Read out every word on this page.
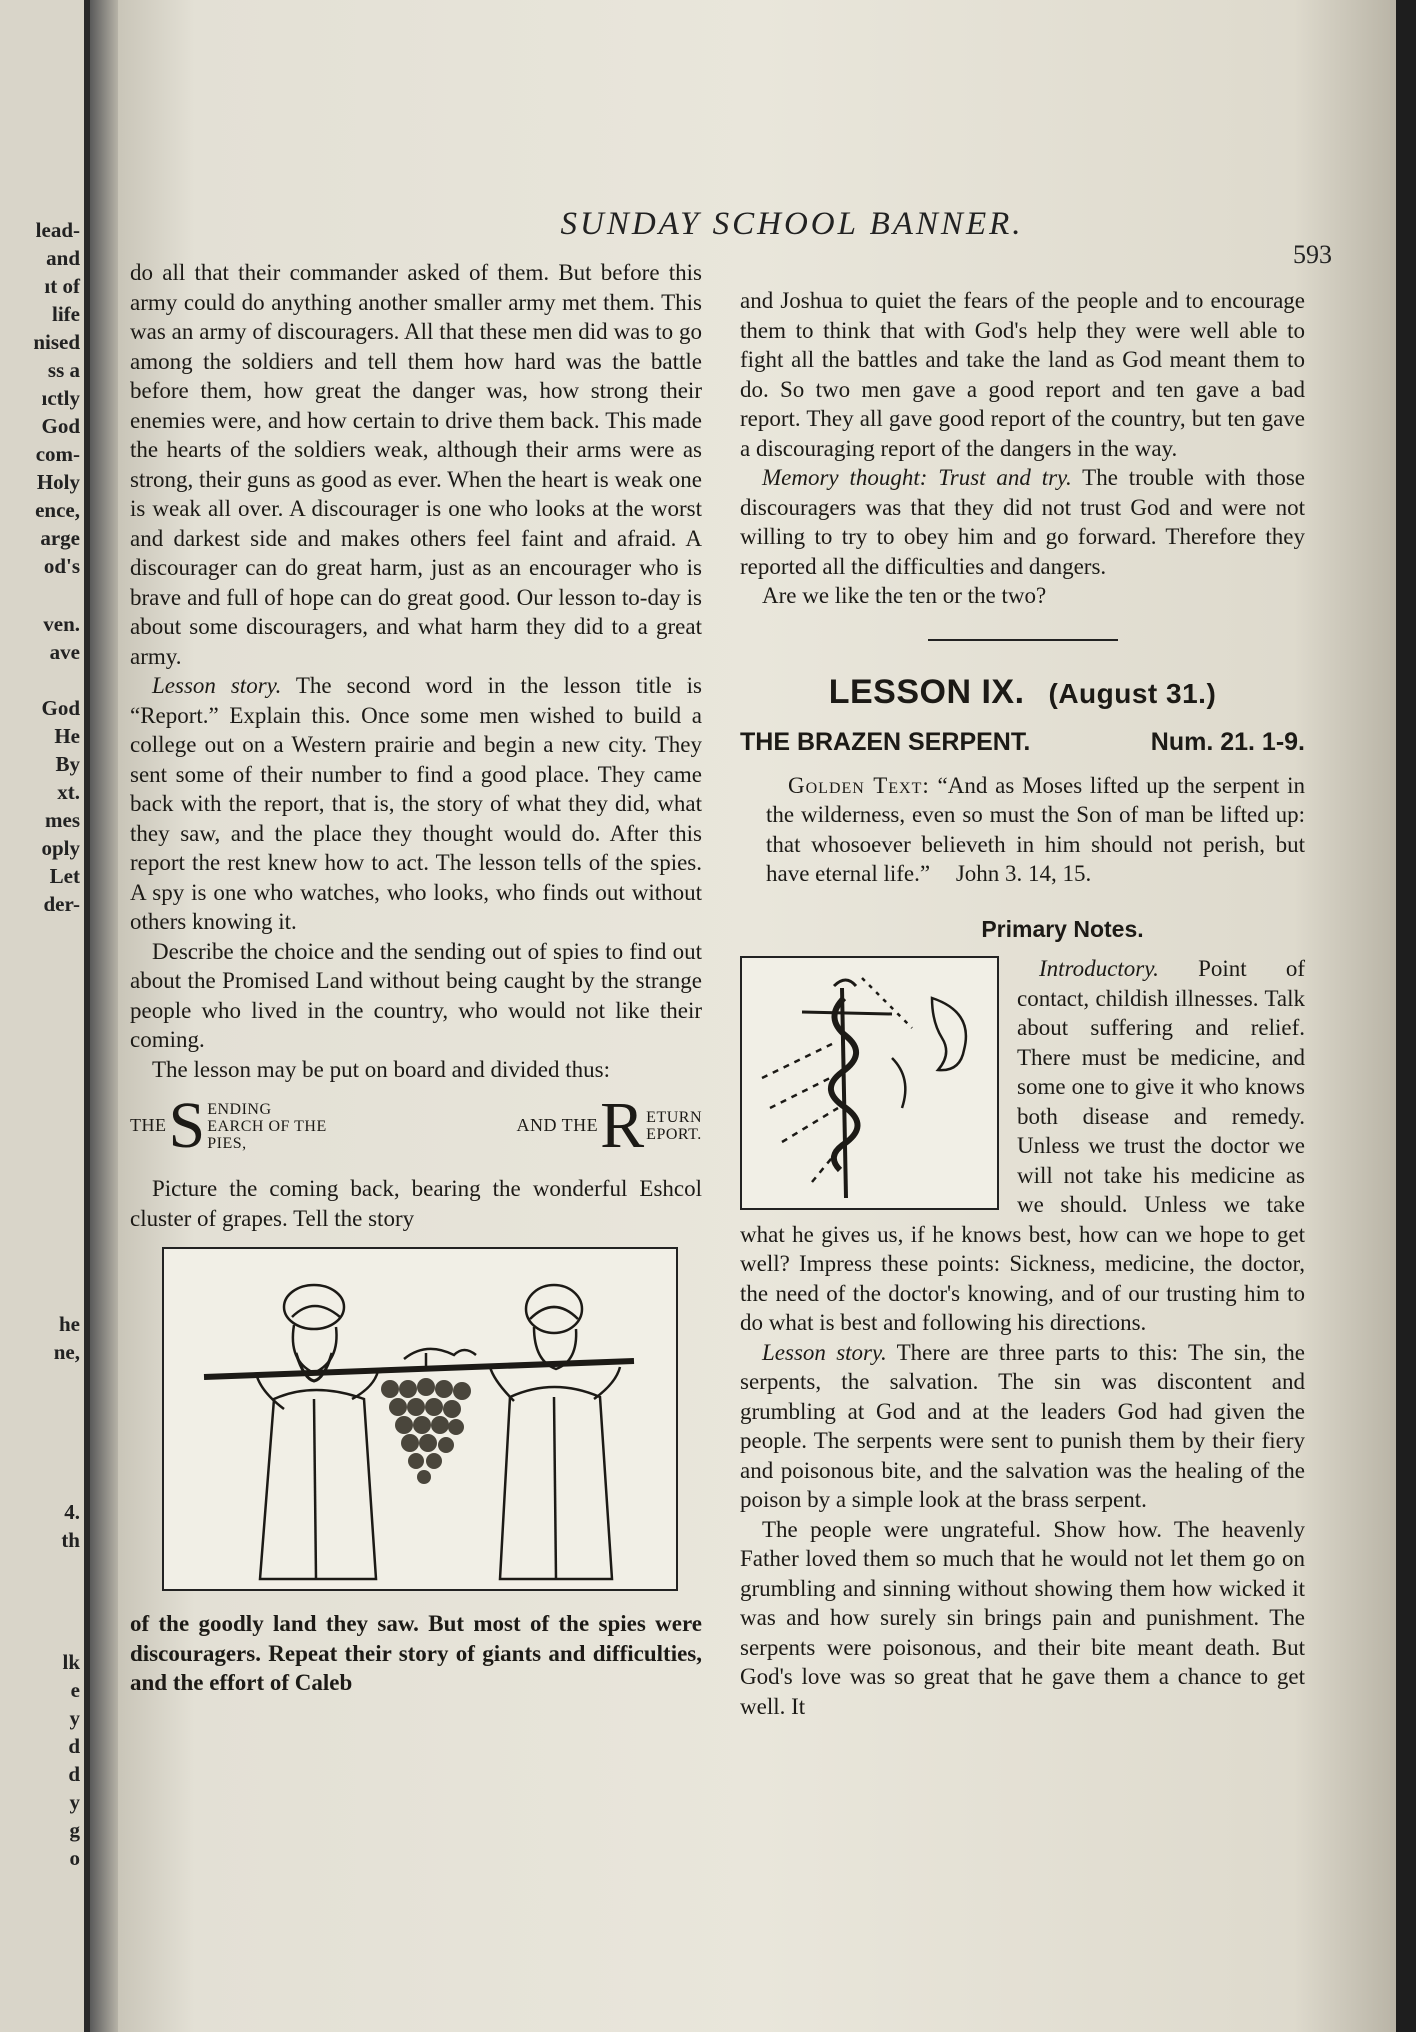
lead-
and
ıt of
life
nised
ss a
ıctly
God
com-
Holy
ence,
arge
od's
ven.
ave
God
He
By
xt.
mes
oply
Let
der-
he
ne,
4.
th
lk
e
y
d
d
y
g
o
SUNDAY SCHOOL BANNER.
593

do all that their commander asked of them. But before this army could do anything another smaller army met them. This was an army of discouragers. All that these men did was to go among the soldiers and tell them how hard was the battle before them, how great the danger was, how strong their enemies were, and how certain to drive them back. This made the hearts of the soldiers weak, although their arms were as strong, their guns as good as ever. When the heart is weak one is weak all over. A discourager is one who looks at the worst and darkest side and makes others feel faint and afraid. A discourager can do great harm, just as an encourager who is brave and full of hope can do great good. Our lesson to-day is about some discouragers, and what harm they did to a great army.

Lesson story. The second word in the lesson title is “Report.” Explain this. Once some men wished to build a college out on a Western prairie and begin a new city. They sent some of their number to find a good place. They came back with the report, that is, the story of what they did, what they saw, and the place they thought would do. After this report the rest knew how to act. The lesson tells of the spies. A spy is one who watches, who looks, who finds out without others knowing it.

Describe the choice and the sending out of spies to find out about the Promised Land without being caught by the strange people who lived in the country, who would not like their coming.

The lesson may be put on board and divided thus:

THE S ENDING
EARCH OF THE
PIES,
AND THE R ETURN
EPORT.

Picture the coming back, bearing the wonderful Eshcol cluster of grapes. Tell the story

of the goodly land they saw. But most of the spies were discouragers. Repeat their story of giants and difficulties, and the effort of Caleb

and Joshua to quiet the fears of the people and to encourage them to think that with God's help they were well able to fight all the battles and take the land as God meant them to do. So two men gave a good report and ten gave a bad report. They all gave good report of the country, but ten gave a discouraging report of the dangers in the way.

Memory thought: Trust and try. The trouble with those discouragers was that they did not trust God and were not willing to try to obey him and go forward. Therefore they reported all the difficulties and dangers.

Are we like the ten or the two?

LESSON IX. (August 31.)
THE BRAZEN SERPENT.	Num. 21. 1-9.

Golden Text: “And as Moses lifted up the serpent in the wilderness, even so must the Son of man be lifted up: that whosoever believeth in him should not perish, but have eternal life.” John 3. 14, 15.

Primary Notes.

Introductory. Point of contact, childish illnesses. Talk about suffering and relief. There must be medicine, and some one to give it who knows both disease and remedy. Unless we trust the doctor we will not take his medicine as we should. Unless we take what he gives us, if he knows best, how can we hope to get well? Impress these points: Sickness, medicine, the doctor, the need of the doctor's knowing, and of our trusting him to do what is best and following his directions.

Lesson story. There are three parts to this: The sin, the serpents, the salvation. The sin was discontent and grumbling at God and at the leaders God had given the people. The serpents were sent to punish them by their fiery and poisonous bite, and the salvation was the healing of the poison by a simple look at the brass serpent.

The people were ungrateful. Show how. The heavenly Father loved them so much that he would not let them go on grumbling and sinning without showing them how wicked it was and how surely sin brings pain and punishment. The serpents were poisonous, and their bite meant death. But God's love was so great that he gave them a chance to get well. It
